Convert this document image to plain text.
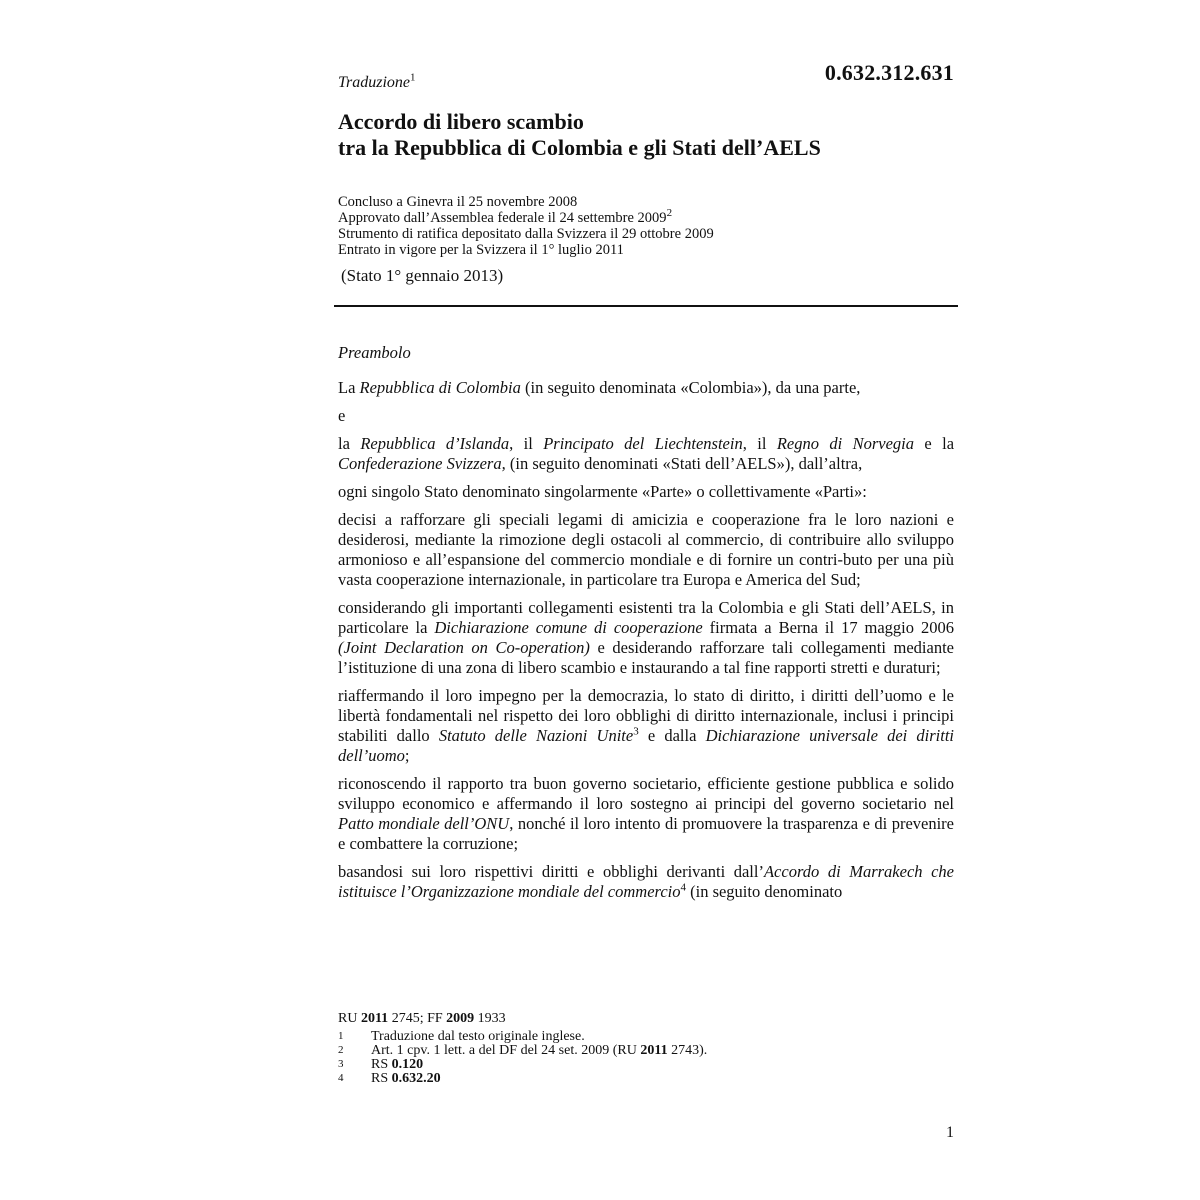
0.632.312.631
Traduzione$^1$
Accordo di libero scambio
tra la Repubblica di Colombia e gli Stati dell’AELS
Concluso a Ginevra il 25 novembre 2008
Approvato dall’Assemblea federale il 24 settembre 2009$^2$
Strumento di ratifica depositato dalla Svizzera il 29 ottobre 2009
Entrato in vigore per la Svizzera il 1° luglio 2011
(Stato 1° gennaio 2013)

Preambolo

La Repubblica di Colombia (in seguito denominata «Colombia»), da una parte,

e

la Repubblica d’Islanda, il Principato del Liechtenstein, il Regno di Norvegia e la Confederazione Svizzera, (in seguito denominati «Stati dell’AELS»), dall’altra,

ogni singolo Stato denominato singolarmente «Parte» o collettivamente «Parti»:

decisi a rafforzare gli speciali legami di amicizia e cooperazione fra le loro nazioni e desiderosi, mediante la rimozione degli ostacoli al commercio, di contribuire allo sviluppo armonioso e all’espansione del commercio mondiale e di fornire un contri-buto per una più vasta cooperazione internazionale, in particolare tra Europa e America del Sud;

considerando gli importanti collegamenti esistenti tra la Colombia e gli Stati dell’AELS, in particolare la Dichiarazione comune di cooperazione firmata a Berna il 17 maggio 2006 (Joint Declaration on Co-operation) e desiderando rafforzare tali collegamenti mediante l’istituzione di una zona di libero scambio e instaurando a tal fine rapporti stretti e duraturi;

riaffermando il loro impegno per la democrazia, lo stato di diritto, i diritti dell’uomo e le libertà fondamentali nel rispetto dei loro obblighi di diritto internazionale, inclusi i principi stabiliti dallo Statuto delle Nazioni Unite$^3$ e dalla Dichiarazione universale dei diritti dell’uomo;

riconoscendo il rapporto tra buon governo societario, efficiente gestione pubblica e solido sviluppo economico e affermando il loro sostegno ai principi del governo societario nel Patto mondiale dell’ONU, nonché il loro intento di promuovere la trasparenza e di prevenire e combattere la corruzione;

basandosi sui loro rispettivi diritti e obblighi derivanti dall’Accordo di Marrakech che istituisce l’Organizzazione mondiale del commercio$^4$ (in seguito denominato

RU 2011 2745; FF 2009 1933
1	Traduzione dal testo originale inglese.
2	Art. 1 cpv. 1 lett. a del DF del 24 set. 2009 (RU 2011 2743).
3	RS 0.120
4	RS 0.632.20
1
